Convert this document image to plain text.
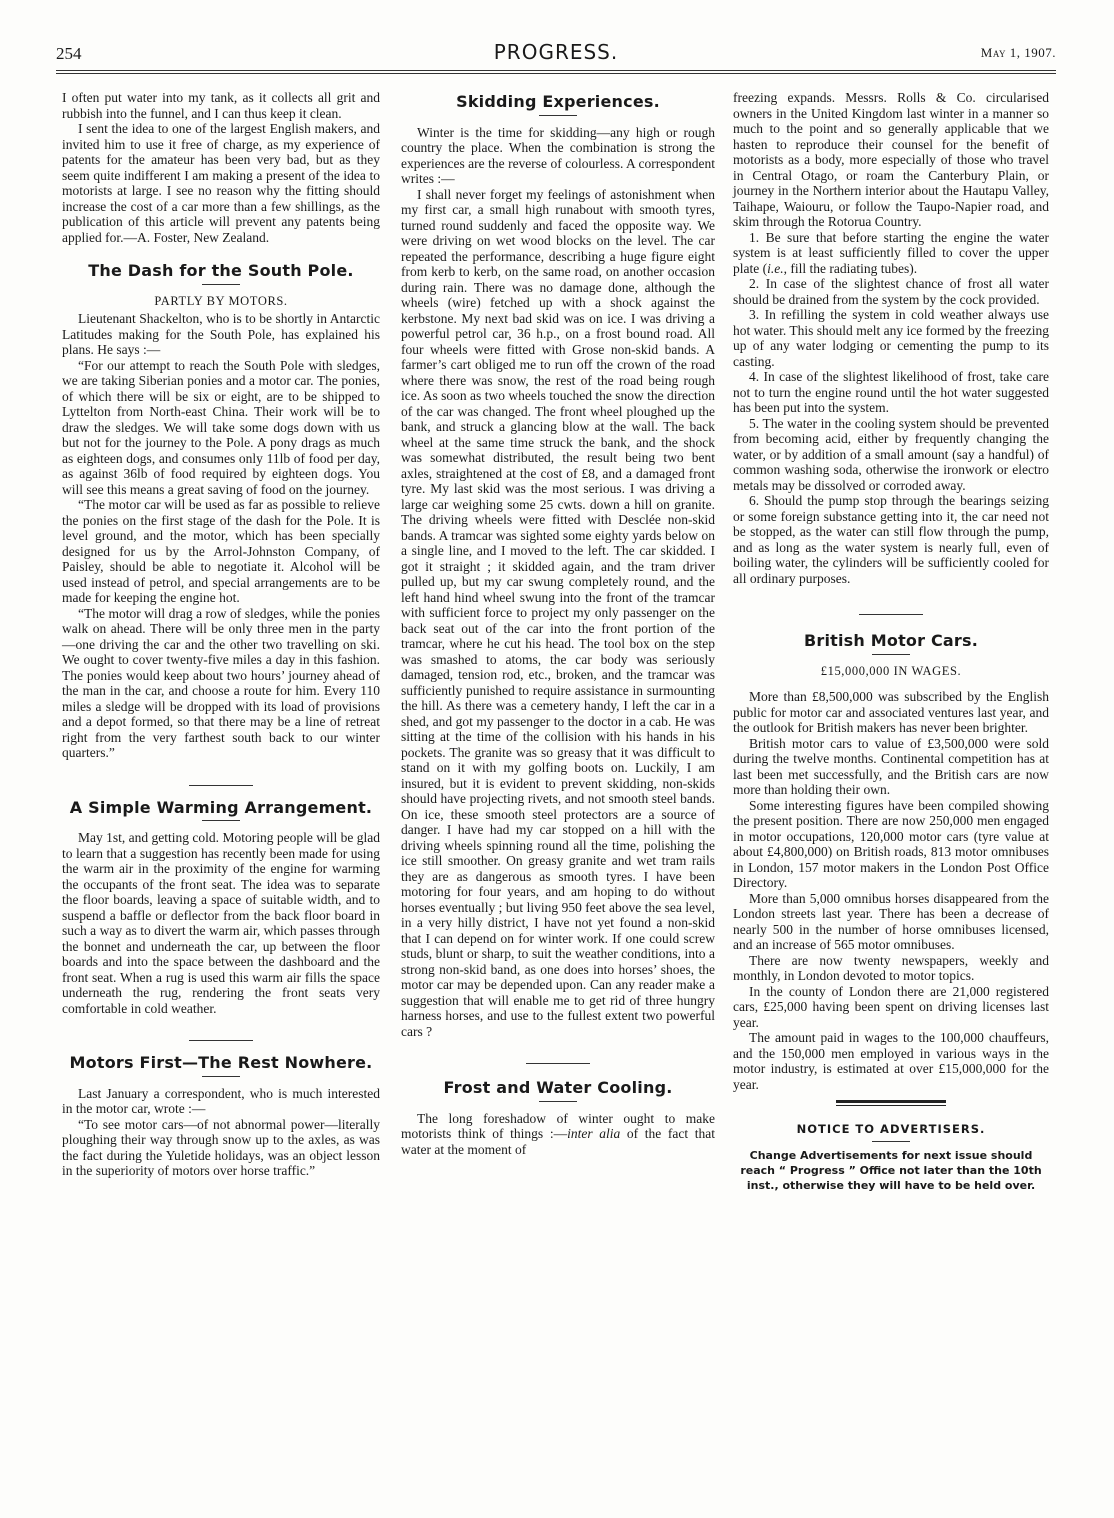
254	PROGRESS.	May 1, 1907.

I often put water into my tank, as it collects all grit and rubbish into the funnel, and I can thus keep it clean.

I sent the idea to one of the largest English makers, and invited him to use it free of charge, as my experience of patents for the amateur has been very bad, but as they seem quite indifferent I am making a present of the idea to motorists at large. I see no reason why the fitting should increase the cost of a car more than a few shillings, as the publication of this article will prevent any patents being applied for.—A. Foster, New Zealand.

The Dash for the South Pole.
PARTLY BY MOTORS.

Lieutenant Shackelton, who is to be shortly in Antarctic Latitudes making for the South Pole, has explained his plans. He says :—

“For our attempt to reach the South Pole with sledges, we are taking Siberian ponies and a motor car. The ponies, of which there will be six or eight, are to be shipped to Lyttelton from North-east China. Their work will be to draw the sledges. We will take some dogs down with us but not for the journey to the Pole. A pony drags as much as eighteen dogs, and consumes only 11lb of food per day, as against 36lb of food required by eighteen dogs. You will see this means a great saving of food on the journey.

“The motor car will be used as far as possible to relieve the ponies on the first stage of the dash for the Pole. It is level ground, and the motor, which has been specially designed for us by the Arrol-Johnston Company, of Paisley, should be able to negotiate it. Alcohol will be used instead of petrol, and special arrangements are to be made for keeping the engine hot.

“The motor will drag a row of sledges, while the ponies walk on ahead. There will be only three men in the party—one driving the car and the other two travelling on ski. We ought to cover twenty-five miles a day in this fashion. The ponies would keep about two hours’ journey ahead of the man in the car, and choose a route for him. Every 110 miles a sledge will be dropped with its load of provisions and a depot formed, so that there may be a line of retreat right from the very farthest south back to our winter quarters.”

A Simple Warming Arrangement.

May 1st, and getting cold. Motoring people will be glad to learn that a suggestion has recently been made for using the warm air in the proximity of the engine for warming the occupants of the front seat. The idea was to separate the floor boards, leaving a space of suitable width, and to suspend a baffle or deflector from the back floor board in such a way as to divert the warm air, which passes through the bonnet and underneath the car, up between the floor boards and into the space between the dashboard and the front seat. When a rug is used this warm air fills the space underneath the rug, rendering the front seats very comfortable in cold weather.

Motors First—The Rest Nowhere.

Last January a correspondent, who is much interested in the motor car, wrote :—

“To see motor cars—of not abnormal power—literally ploughing their way through snow up to the axles, as was the fact during the Yuletide holidays, was an object lesson in the superiority of motors over horse traffic.”

Skidding Experiences.

Winter is the time for skidding—any high or rough country the place. When the combination is strong the experiences are the reverse of colourless. A correspondent writes :—

I shall never forget my feelings of astonishment when my first car, a small high runabout with smooth tyres, turned round suddenly and faced the opposite way. We were driving on wet wood blocks on the level. The car repeated the performance, describing a huge figure eight from kerb to kerb, on the same road, on another occasion during rain. There was no damage done, although the wheels (wire) fetched up with a shock against the kerbstone. My next bad skid was on ice. I was driving a powerful petrol car, 36 h.p., on a frost bound road. All four wheels were fitted with Grose non-skid bands. A farmer’s cart obliged me to run off the crown of the road where there was snow, the rest of the road being rough ice. As soon as two wheels touched the snow the direction of the car was changed. The front wheel ploughed up the bank, and struck a glancing blow at the wall. The back wheel at the same time struck the bank, and the shock was somewhat distributed, the result being two bent axles, straightened at the cost of £8, and a damaged front tyre. My last skid was the most serious. I was driving a large car weighing some 25 cwts. down a hill on granite. The driving wheels were fitted with Desclée non-skid bands. A tramcar was sighted some eighty yards below on a single line, and I moved to the left. The car skidded. I got it straight ; it skidded again, and the tram driver pulled up, but my car swung completely round, and the left hand hind wheel swung into the front of the tramcar with sufficient force to project my only passenger on the back seat out of the car into the front portion of the tramcar, where he cut his head. The tool box on the step was smashed to atoms, the car body was seriously damaged, tension rod, etc., broken, and the tramcar was sufficiently punished to require assistance in surmounting the hill. As there was a cemetery handy, I left the car in a shed, and got my passenger to the doctor in a cab. He was sitting at the time of the collision with his hands in his pockets. The granite was so greasy that it was difficult to stand on it with my golfing boots on. Luckily, I am insured, but it is evident to prevent skidding, non-skids should have projecting rivets, and not smooth steel bands. On ice, these smooth steel protectors are a source of danger. I have had my car stopped on a hill with the driving wheels spinning round all the time, polishing the ice still smoother. On greasy granite and wet tram rails they are as dangerous as smooth tyres. I have been motoring for four years, and am hoping to do without horses eventually ; but living 950 feet above the sea level, in a very hilly district, I have not yet found a non-skid that I can depend on for winter work. If one could screw studs, blunt or sharp, to suit the weather conditions, into a strong non-skid band, as one does into horses’ shoes, the motor car may be depended upon. Can any reader make a suggestion that will enable me to get rid of three hungry harness horses, and use to the fullest extent two powerful cars ?

Frost and Water Cooling.

The long foreshadow of winter ought to make motorists think of things :—inter alia of the fact that water at the moment of

freezing expands. Messrs. Rolls & Co. circularised owners in the United Kingdom last winter in a manner so much to the point and so generally applicable that we hasten to reproduce their counsel for the benefit of motorists as a body, more especially of those who travel in Central Otago, or roam the Canterbury Plain, or journey in the Northern interior about the Hautapu Valley, Taihape, Waiouru, or follow the Taupo-Napier road, and skim through the Rotorua Country.

1. Be sure that before starting the engine the water system is at least sufficiently filled to cover the upper plate (i.e., fill the radiating tubes).

2. In case of the slightest chance of frost all water should be drained from the system by the cock provided.

3. In refilling the system in cold weather always use hot water. This should melt any ice formed by the freezing up of any water lodging or cementing the pump to its casting.

4. In case of the slightest likelihood of frost, take care not to turn the engine round until the hot water suggested has been put into the system.

5. The water in the cooling system should be prevented from becoming acid, either by frequently changing the water, or by addition of a small amount (say a handful) of common washing soda, otherwise the ironwork or electro metals may be dissolved or corroded away.

6. Should the pump stop through the bearings seizing or some foreign substance getting into it, the car need not be stopped, as the water can still flow through the pump, and as long as the water system is nearly full, even of boiling water, the cylinders will be sufficiently cooled for all ordinary purposes.

British Motor Cars.
£15,000,000 IN WAGES.

More than £8,500,000 was subscribed by the English public for motor car and associated ventures last year, and the outlook for British makers has never been brighter.

British motor cars to value of £3,500,000 were sold during the twelve months. Continental competition has at last been met successfully, and the British cars are now more than holding their own.

Some interesting figures have been compiled showing the present position. There are now 250,000 men engaged in motor occupations, 120,000 motor cars (tyre value at about £4,800,000) on British roads, 813 motor omnibuses in London, 157 motor makers in the London Post Office Directory.

More than 5,000 omnibus horses disappeared from the London streets last year. There has been a decrease of nearly 500 in the number of horse omnibuses licensed, and an increase of 565 motor omnibuses.

There are now twenty newspapers, weekly and monthly, in London devoted to motor topics.

In the county of London there are 21,000 registered cars, £25,000 having been spent on driving licenses last year.

The amount paid in wages to the 100,000 chauffeurs, and the 150,000 men employed in various ways in the motor industry, is estimated at over £15,000,000 for the year.

NOTICE TO ADVERTISERS.
Change Advertisements for next issue should reach “ Progress ” Office not later than the 10th inst., otherwise they will have to be held over.
